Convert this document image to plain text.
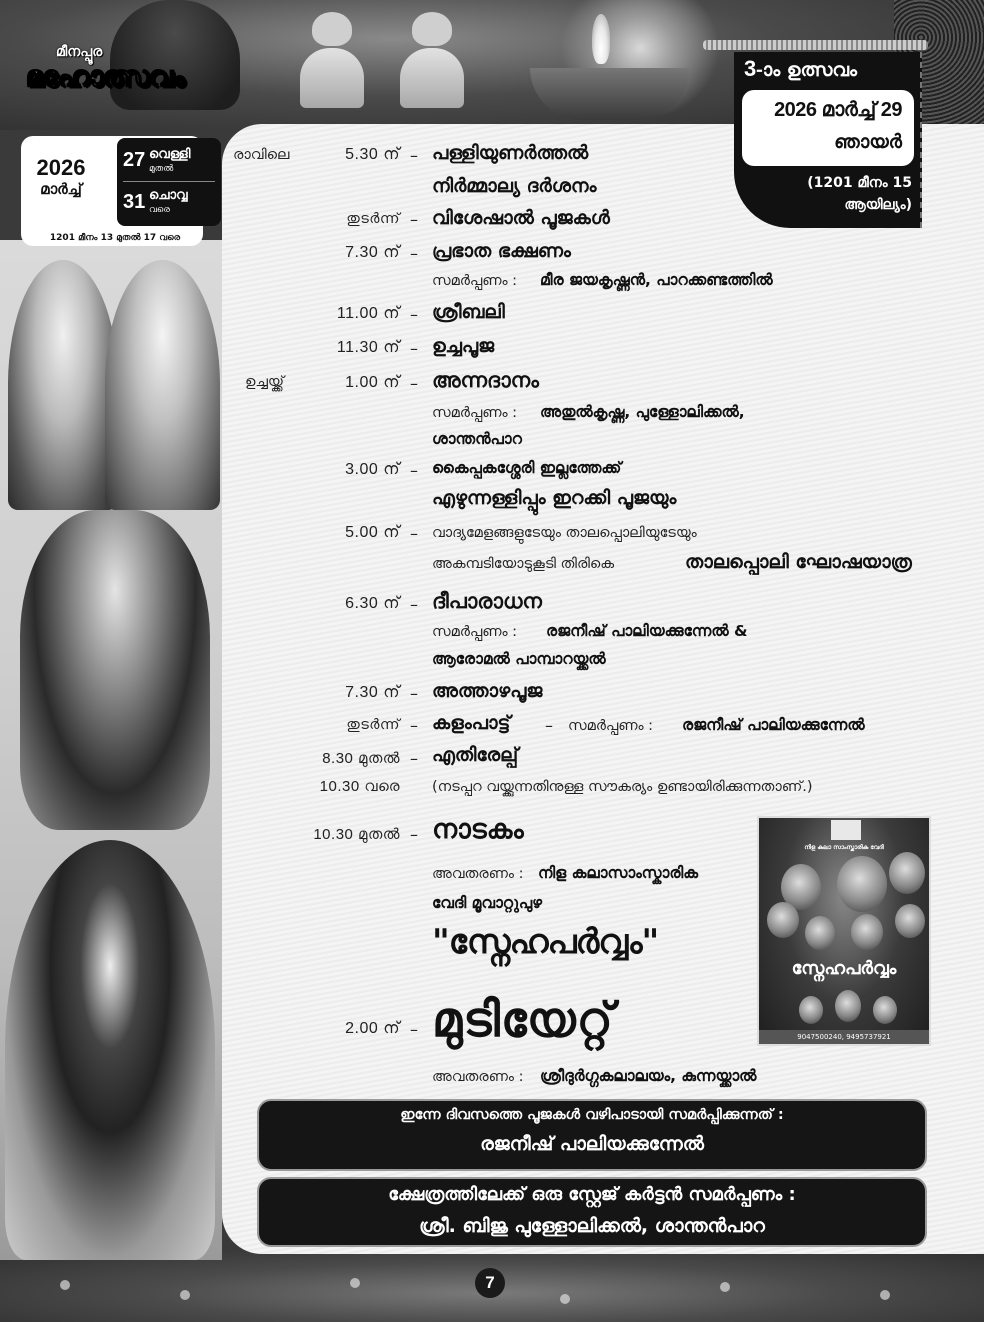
മീനപ്പൂര
മഹോത്സവം
2026
മാർച്ച്
27 വെള്ളി
മുതൽ
31 ചൊവ്വ
വരെ
1201 മീനം 13 മുതൽ 17 വരെ
3-ാം ഉത്സവം
2026 മാർച്ച് 29
ഞായർ
(1201 മീനം 15
ആയില്യം)
രാവിലെ	5.30 ന് – പള്ളിയുണർത്തൽ
നിർമ്മാല്യ ദർശനം
തുടർന്ന് – വിശേഷാൽ പൂജകൾ
7.30 ന് – പ്രഭാത ഭക്ഷണം
സമർപ്പണം : മീര ജയകൃഷ്ണൻ, പാറക്കണ്ടത്തിൽ
11.00 ന് – ശ്രീബലി
11.30 ന് – ഉച്ചപൂജ
ഉച്ചയ്ക്ക്	1.00 ന് – അന്നദാനം
സമർപ്പണം : അതുൽകൃഷ്ണ, പുള്ളോലിക്കൽ,
ശാന്തൻപാറ
3.00 ന് – കൈപ്പകശ്ശേരി ഇല്ലത്തേക്ക്
എഴുന്നള്ളിപ്പും ഇറക്കി പൂജയും
5.00 ന് – വാദ്യമേളങ്ങളുടേയും താലപ്പൊലിയുടേയും
അകമ്പടിയോടുകൂടി തിരികെ	താലപ്പൊലി ഘോഷയാത്ര
6.30 ന് – ദീപാരാധന
സമർപ്പണം : രജനീഷ് പാലിയക്കുന്നേൽ &
ആരോമൽ പാമ്പാറയ്ക്കൽ
7.30 ന് – അത്താഴപൂജ
തുടർന്ന് – കളംപാട്ട് – സമർപ്പണം : രജനീഷ് പാലിയക്കുന്നേൽ
8.30 മുതൽ – എതിരേല്പ്
10.30 വരെ (നടപ്പറ വയ്ക്കുന്നതിനുള്ള സൗകര്യം ഉണ്ടായിരിക്കുന്നതാണ്.)
10.30 മുതൽ – നാടകം
അവതരണം : നിള കലാസാംസ്കാരിക
വേദി മൂവാറ്റുപുഴ
"സ്നേഹപർവ്വം"
2.00 ന് – മുടിയേറ്റ്
അവതരണം : ശ്രീദുർഗ്ഗകലാലയം, കുന്നയ്ക്കാൽ
നിള കലാ സാംസ്കാരിക വേദി
സ്നേഹപർവ്വം
9047500240, 9495737921
ഇന്നേ ദിവസത്തെ പൂജകൾ വഴിപാടായി സമർപ്പിക്കുന്നത് :
രജനീഷ് പാലിയക്കുന്നേൽ
ക്ഷേത്രത്തിലേക്ക് ഒരു സ്റ്റേജ് കർട്ടൻ സമർപ്പണം :
ശ്രീ. ബിജു പുള്ളോലിക്കൽ, ശാന്തൻപാറ
7
